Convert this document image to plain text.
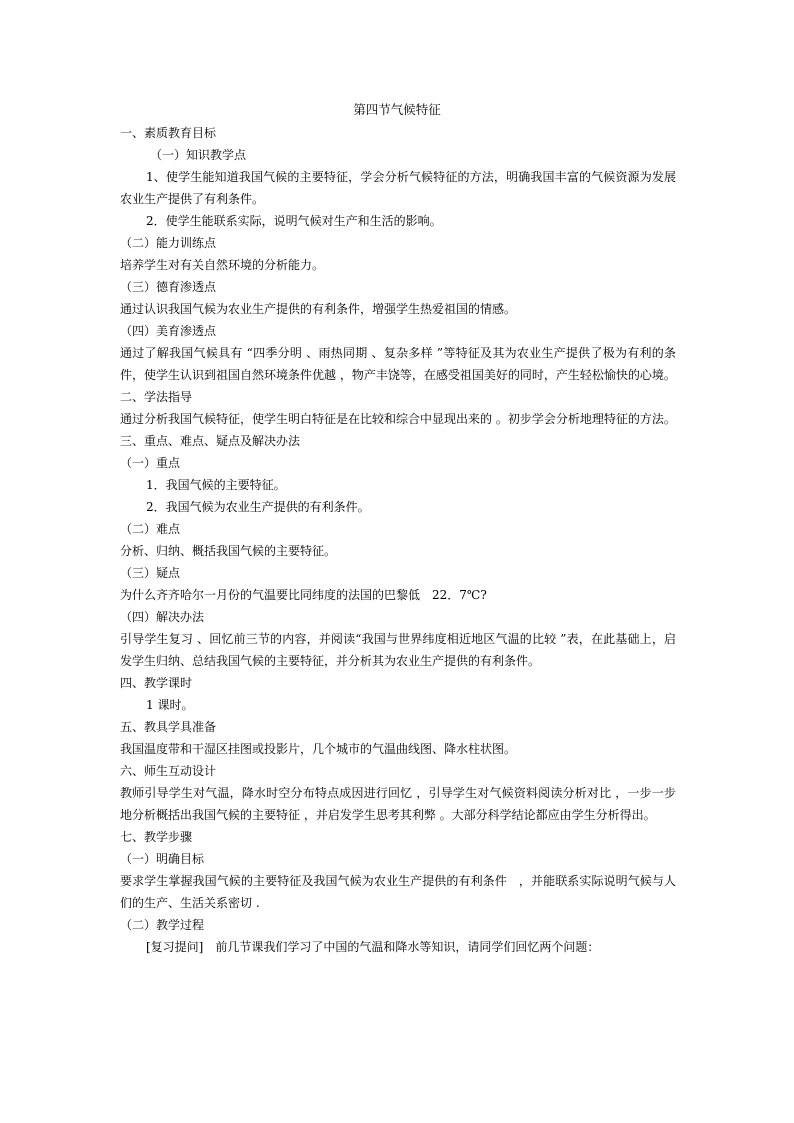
第四节气候特征

一、素质教育目标

（一）知识教学点

1、使学生能知道我国气候的主要特征，学会分析气候特征的方法，明确我国丰富的气候资源为发展农业生产提供了有利条件。

2．使学生能联系实际，说明气候对生产和生活的影响。

（二）能力训练点

培养学生对有关自然环境的分析能力。

（三）德育渗透点

通过认识我国气候为农业生产提供的有利条件，增强学生热爱祖国的情感。

（四）美育渗透点

通过了解我国气候具有 “四季分明 、雨热同期 、复杂多样 ”等特征及其为农业生产提供了极为有利的条件，使学生认识到祖国自然环境条件优越 ，物产丰饶等，在感受祖国美好的同时，产生轻松愉快的心境。

二、学法指导

通过分析我国气候特征，使学生明白特征是在比较和综合中显现出来的 。初步学会分析地理特征的方法。

三、重点、难点、疑点及解决办法

（一）重点

1．我国气候的主要特征。

2．我国气候为农业生产提供的有利条件。

（二）难点

分析、归纳、概括我国气候的主要特征。

（三）疑点

为什么齐齐哈尔一月份的气温要比同纬度的法国的巴黎低　22．7℃?

（四）解决办法

引导学生复习 、回忆前三节的内容，并阅读“我国与世界纬度相近地区气温的比较 ”表，在此基础上，启发学生归纳、总结我国气候的主要特征，并分析其为农业生产提供的有利条件。

四、教学课时

1 课时。

五、教具学具准备

我国温度带和干湿区挂图或投影片，几个城市的气温曲线图、降水柱状图。

六、师生互动设计

教师引导学生对气温，降水时空分布特点成因进行回忆 ，引导学生对气候资料阅读分析对比 ，一步一步地分析概括出我国气候的主要特征 ，并启发学生思考其利弊 。大部分科学结论都应由学生分析得出。

七、教学步骤

（一）明确目标

要求学生掌握我国气候的主要特征及我国气候为农业生产提供的有利条件　，并能联系实际说明气候与人们的生产、生活关系密切 .

（二）教学过程

[复习提问]　前几节课我们学习了中国的气温和降水等知识，请同学们回忆两个问题：
